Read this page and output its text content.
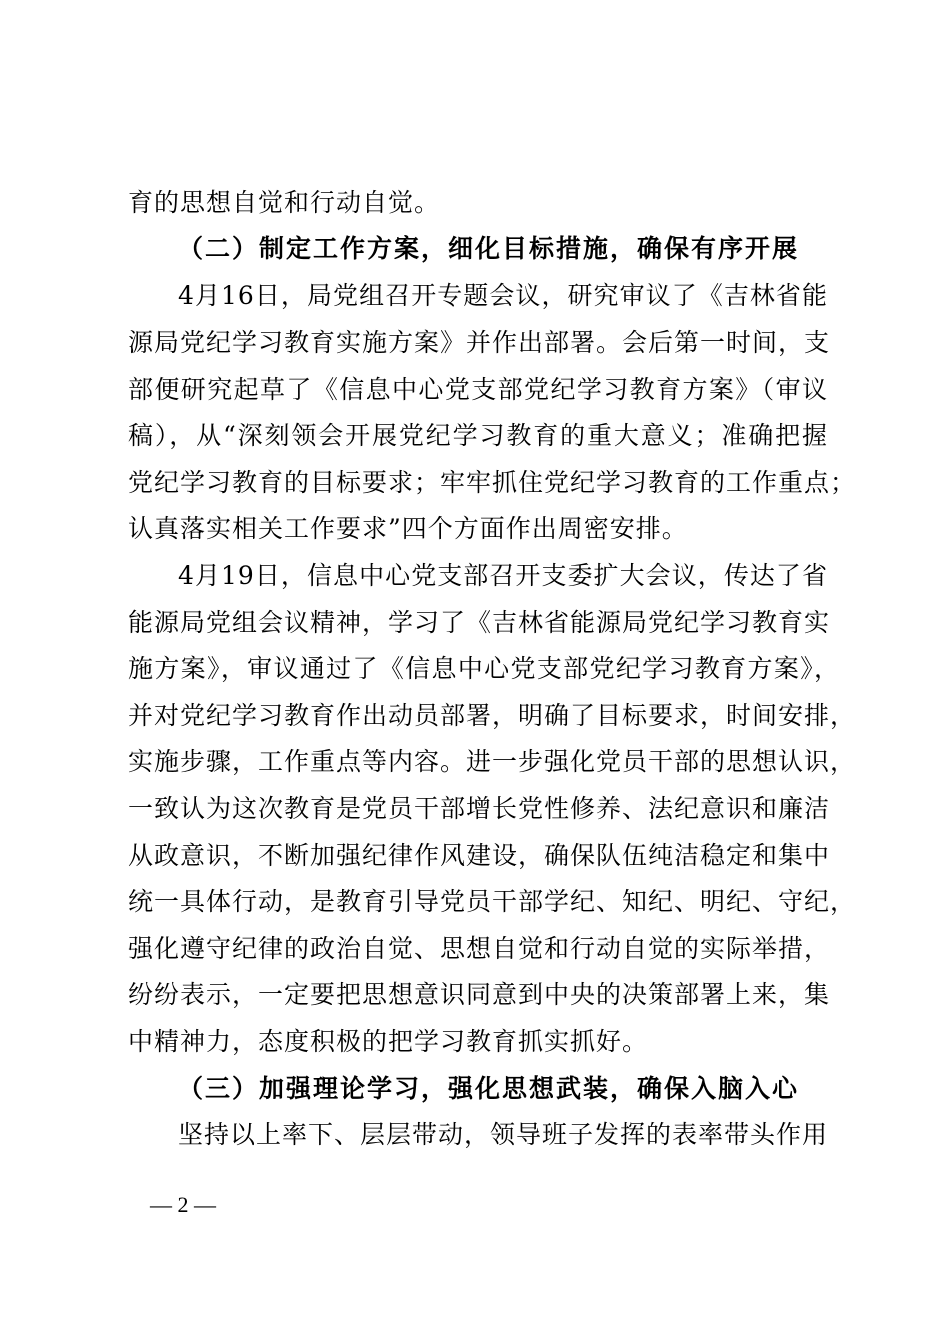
育的思想自觉和行动自觉。
（二）制定工作方案，细化目标措施，确保有序开展
4月16日，局党组召开专题会议，研究审议了《吉林省能
源局党纪学习教育实施方案》并作出部署。会后第一时间，支
部便研究起草了《信息中心党支部党纪学习教育方案》（审议
稿），从“深刻领会开展党纪学习教育的重大意义；准确把握
党纪学习教育的目标要求；牢牢抓住党纪学习教育的工作重点；
认真落实相关工作要求”四个方面作出周密安排。
4月19日，信息中心党支部召开支委扩大会议，传达了省
能源局党组会议精神，学习了《吉林省能源局党纪学习教育实
施方案》，审议通过了《信息中心党支部党纪学习教育方案》，
并对党纪学习教育作出动员部署，明确了目标要求，时间安排，
实施步骤，工作重点等内容。进一步强化党员干部的思想认识，
一致认为这次教育是党员干部增长党性修养、法纪意识和廉洁
从政意识，不断加强纪律作风建设，确保队伍纯洁稳定和集中
统一具体行动，是教育引导党员干部学纪、知纪、明纪、守纪，
强化遵守纪律的政治自觉、思想自觉和行动自觉的实际举措，
纷纷表示，一定要把思想意识同意到中央的决策部署上来，集
中精神力，态度积极的把学习教育抓实抓好。
（三）加强理论学习，强化思想武装，确保入脑入心
坚持以上率下、层层带动，领导班子发挥的表率带头作用
— 2 —
